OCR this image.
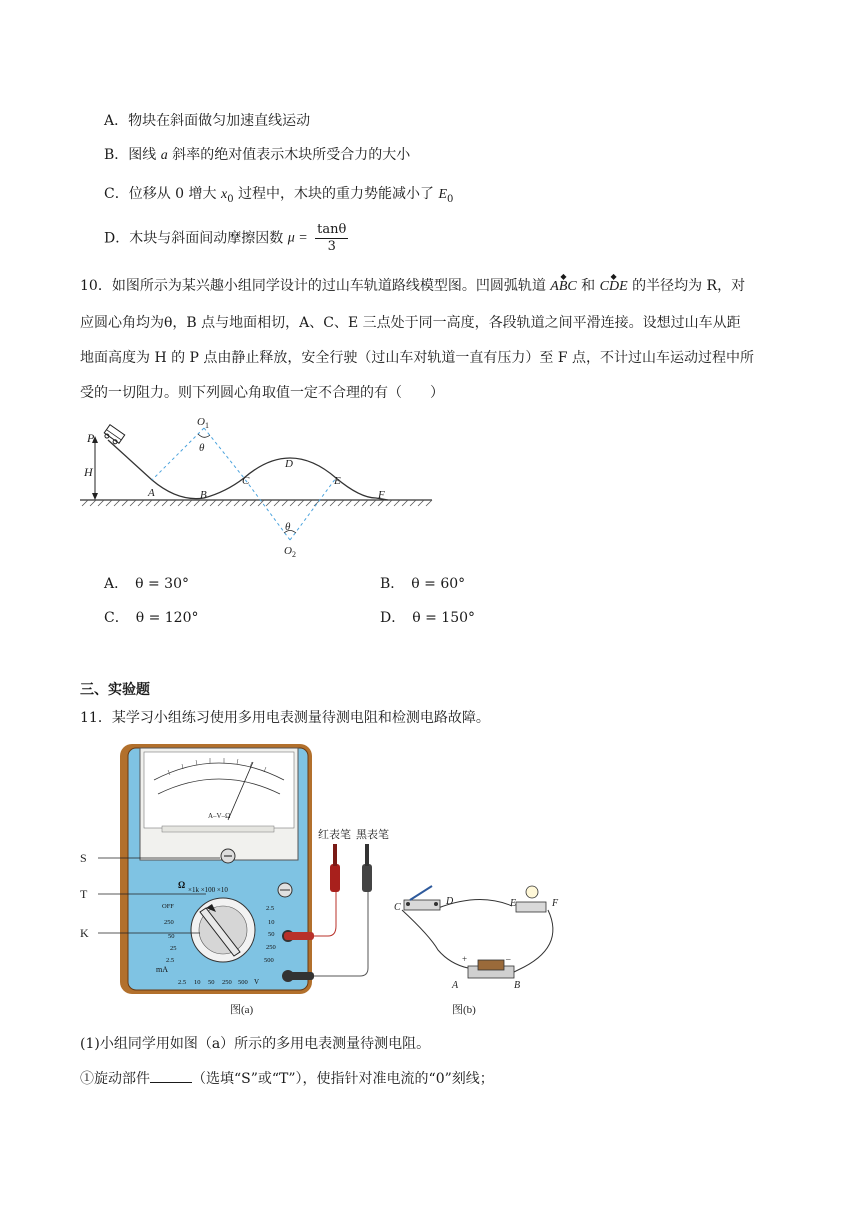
A．物块在斜面做匀加速直线运动
B．图线 a 斜率的绝对值表示木块所受合力的大小
C．位移从 0 增大 $x_0$ 过程中，木块的重力势能减小了 $E_0$
D．木块与斜面间动摩擦因数 $\mu = \frac{\tan\theta}{3}$
10．如图所示为某兴趣小组同学设计的过山车轨道路线模型图。凹圆弧轨道 ◆ ABC 和 ◆ CDE 的半径均为 R，对
应圆心角均为θ，B 点与地面相切，A、C、E 三点处于同一高度，各段轨道之间平滑连接。设想过山车从距
地面高度为 H 的 P 点由静止释放，安全行驶（过山车对轨道一直有压力）至 F 点，不计过山车运动过程中所
受的一切阻力。则下列圆心角取值一定不合理的有（　　）
H
P
O 1
θ
θ
O 2
A	B
C
D
E
F
A．　θ = 30°	B．　θ = 60°
C．　θ = 120°	D．　θ = 150°
三、实验题
11．某学习小组练习使用多用电表测量待测电阻和检测电路故障。
A–V–Ω
Ω ×1k ×100 ×10
OFF
250
50
25
2.5
mA
2.5
10
50
250
500
2.5 10 50 250 500 V
S
T
K
红表笔 黑表笔
图(a)
C
D	E	F
+	–
A	B
图(b)
(1)小组同学用如图（a）所示的多用电表测量待测电阻。
①旋动部件	（选填“S”或“T”），使指针对准电流的“0”刻线；
